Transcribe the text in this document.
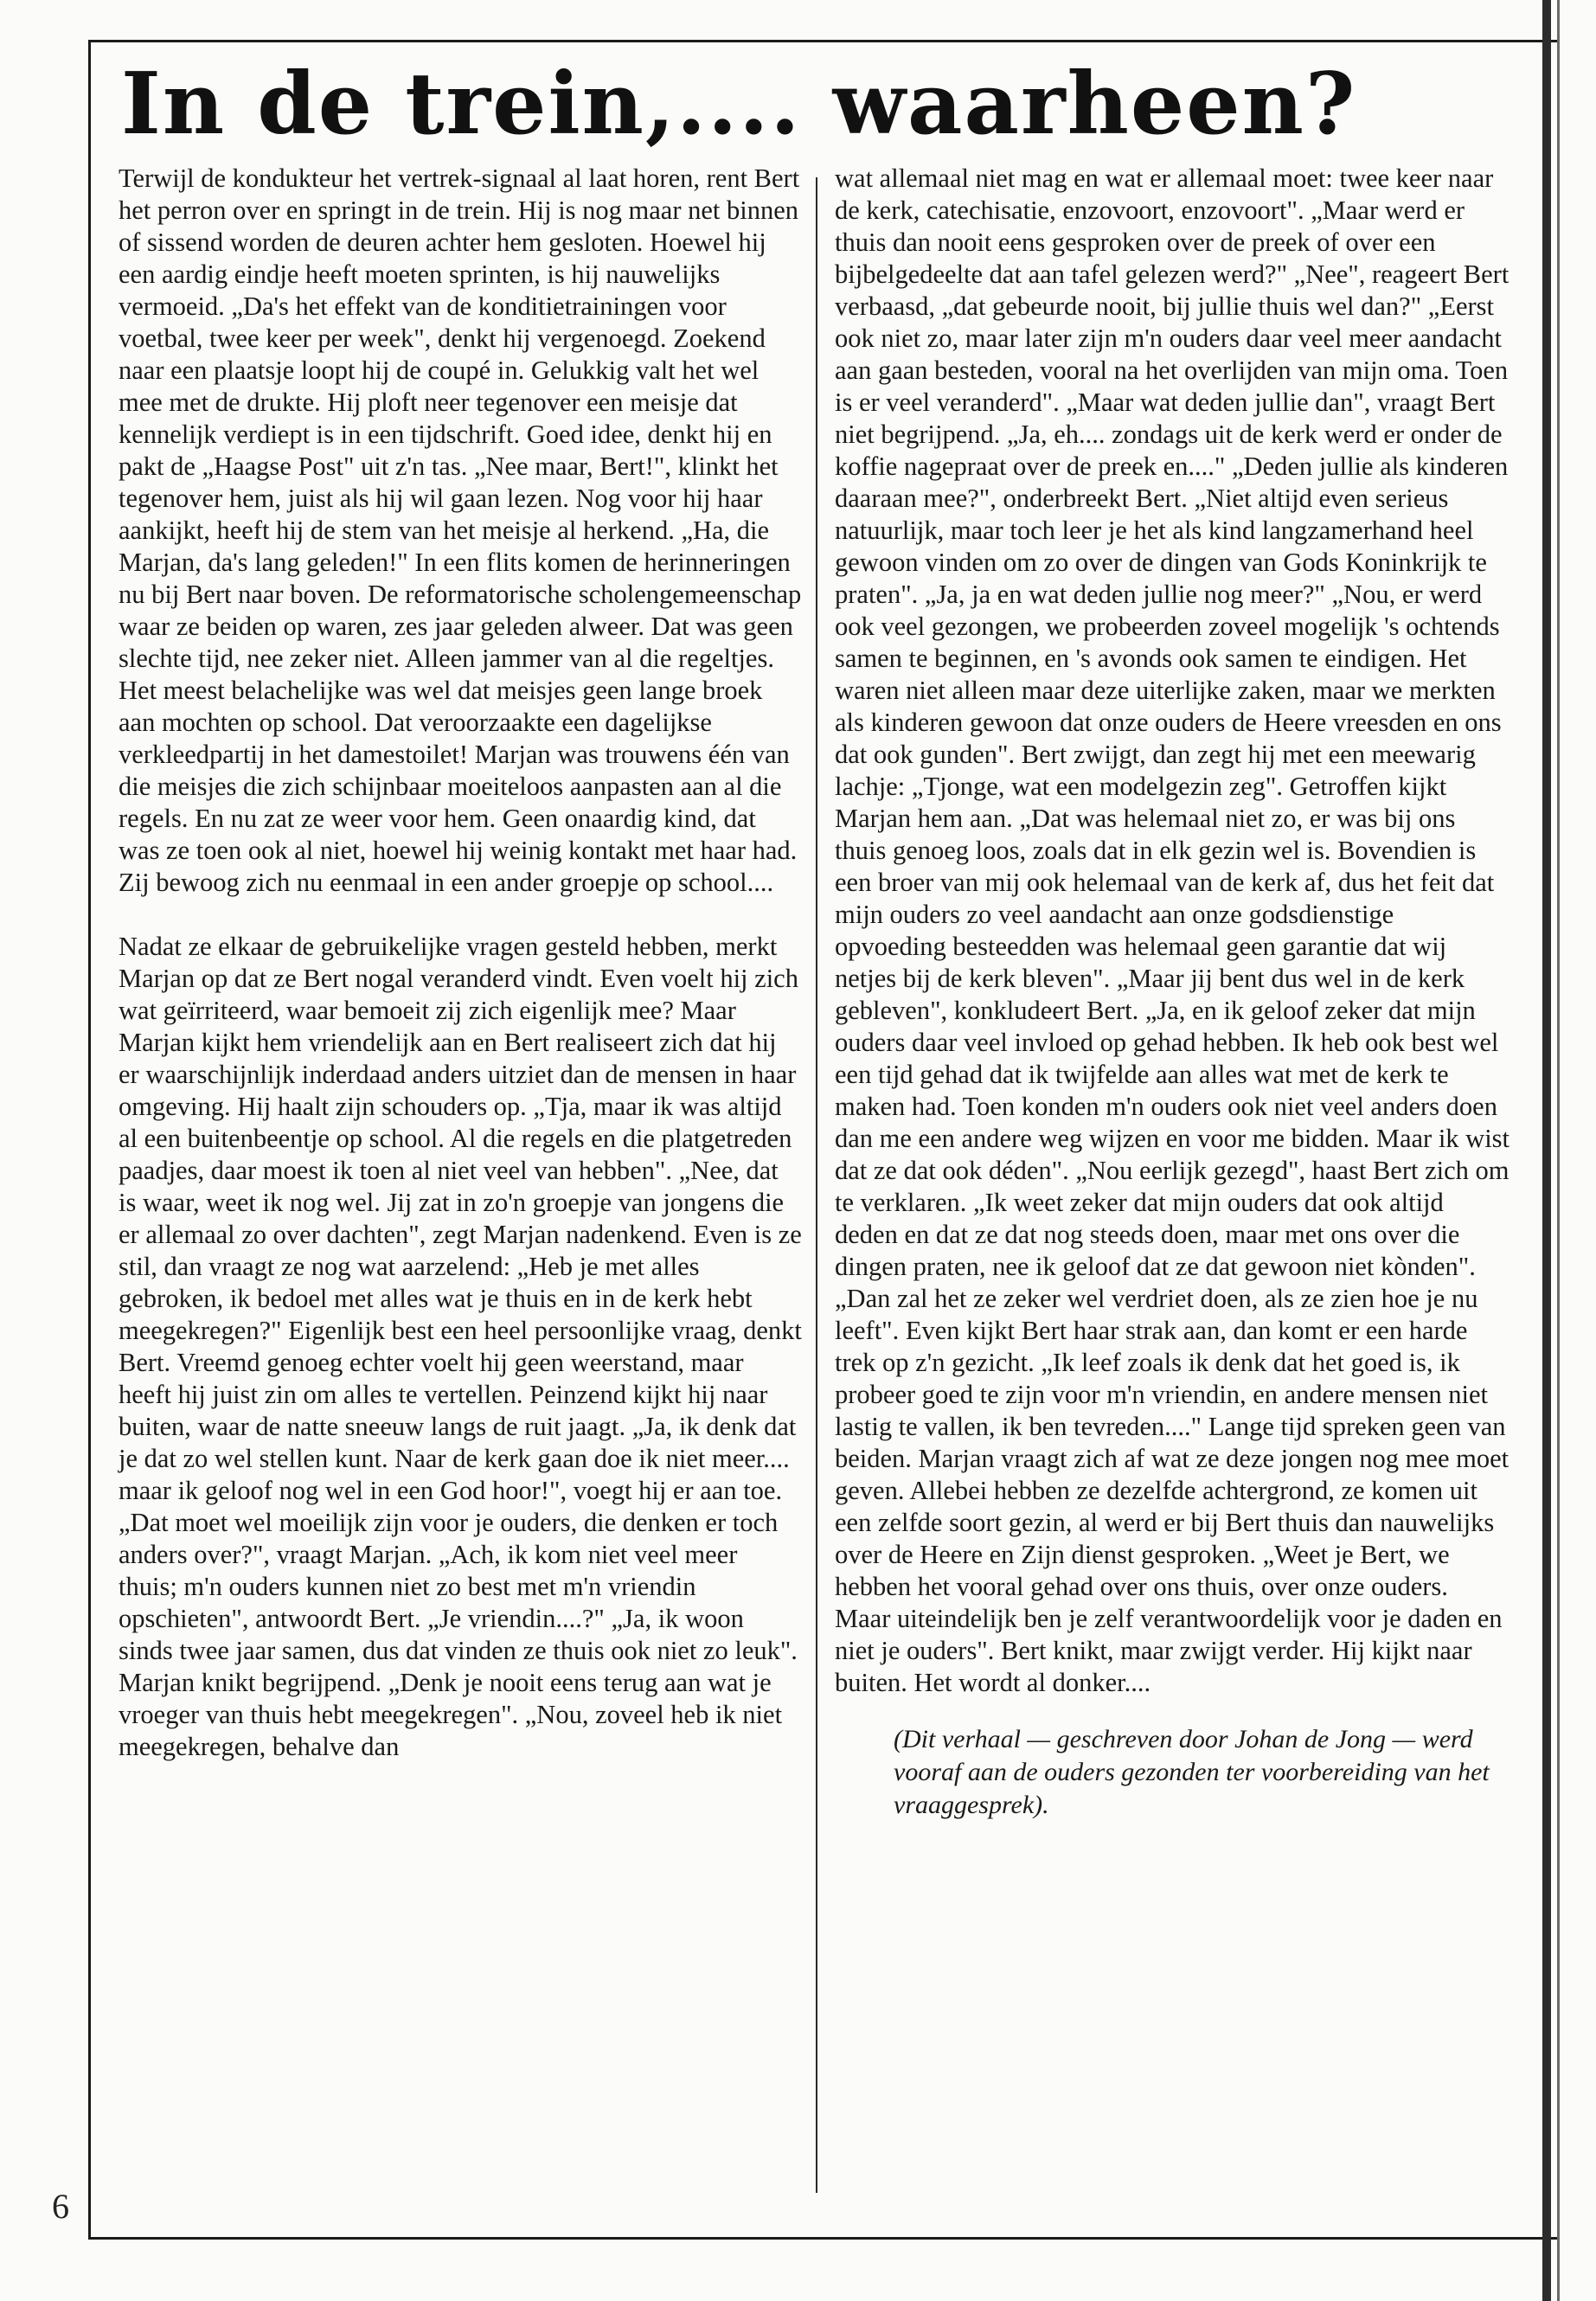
In de trein,.... waarheen?

Terwijl de kondukteur het vertrek-signaal al laat horen, rent Bert het perron over en springt in de trein. Hij is nog maar net binnen of sissend worden de deuren achter hem gesloten. Hoewel hij een aardig eindje heeft moeten sprinten, is hij nauwelijks vermoeid. „Da's het effekt van de konditietrainingen voor voetbal, twee keer per week", denkt hij vergenoegd. Zoekend naar een plaatsje loopt hij de coupé in. Gelukkig valt het wel mee met de drukte. Hij ploft neer tegenover een meisje dat kennelijk verdiept is in een tijdschrift. Goed idee, denkt hij en pakt de „Haagse Post" uit z'n tas. „Nee maar, Bert!", klinkt het tegenover hem, juist als hij wil gaan lezen. Nog voor hij haar aankijkt, heeft hij de stem van het meisje al herkend. „Ha, die Marjan, da's lang geleden!" In een flits komen de herinneringen nu bij Bert naar boven. De reformatorische scholengemeenschap waar ze beiden op waren, zes jaar geleden alweer. Dat was geen slechte tijd, nee zeker niet. Alleen jammer van al die regeltjes. Het meest belachelijke was wel dat meisjes geen lange broek aan mochten op school. Dat veroorzaakte een dagelijkse verkleedpartij in het damestoilet! Marjan was trouwens één van die meisjes die zich schijnbaar moeiteloos aanpasten aan al die regels. En nu zat ze weer voor hem. Geen onaardig kind, dat was ze toen ook al niet, hoewel hij weinig kontakt met haar had. Zij bewoog zich nu eenmaal in een ander groepje op school....

Nadat ze elkaar de gebruikelijke vragen gesteld hebben, merkt Marjan op dat ze Bert nogal veranderd vindt. Even voelt hij zich wat geïrriteerd, waar bemoeit zij zich eigenlijk mee? Maar Marjan kijkt hem vriendelijk aan en Bert realiseert zich dat hij er waarschijnlijk inderdaad anders uitziet dan de mensen in haar omgeving. Hij haalt zijn schouders op. „Tja, maar ik was altijd al een buitenbeentje op school. Al die regels en die platgetreden paadjes, daar moest ik toen al niet veel van hebben". „Nee, dat is waar, weet ik nog wel. Jij zat in zo'n groepje van jongens die er allemaal zo over dachten", zegt Marjan nadenkend. Even is ze stil, dan vraagt ze nog wat aarzelend: „Heb je met alles gebroken, ik bedoel met alles wat je thuis en in de kerk hebt meegekregen?" Eigenlijk best een heel persoonlijke vraag, denkt Bert. Vreemd genoeg echter voelt hij geen weerstand, maar heeft hij juist zin om alles te vertellen. Peinzend kijkt hij naar buiten, waar de natte sneeuw langs de ruit jaagt. „Ja, ik denk dat je dat zo wel stellen kunt. Naar de kerk gaan doe ik niet meer.... maar ik geloof nog wel in een God hoor!", voegt hij er aan toe. „Dat moet wel moeilijk zijn voor je ouders, die denken er toch anders over?", vraagt Marjan. „Ach, ik kom niet veel meer thuis; m'n ouders kunnen niet zo best met m'n vriendin opschieten", antwoordt Bert. „Je vriendin....?" „Ja, ik woon sinds twee jaar samen, dus dat vinden ze thuis ook niet zo leuk". Marjan knikt begrijpend. „Denk je nooit eens terug aan wat je vroeger van thuis hebt meegekregen". „Nou, zoveel heb ik niet meegekregen, behalve dan

wat allemaal niet mag en wat er allemaal moet: twee keer naar de kerk, catechisatie, enzovoort, enzovoort". „Maar werd er thuis dan nooit eens gesproken over de preek of over een bijbelgedeelte dat aan tafel gelezen werd?" „Nee", reageert Bert verbaasd, „dat gebeurde nooit, bij jullie thuis wel dan?" „Eerst ook niet zo, maar later zijn m'n ouders daar veel meer aandacht aan gaan besteden, vooral na het overlijden van mijn oma. Toen is er veel veranderd". „Maar wat deden jullie dan", vraagt Bert niet begrijpend. „Ja, eh.... zondags uit de kerk werd er onder de koffie nagepraat over de preek en...." „Deden jullie als kinderen daaraan mee?", onderbreekt Bert. „Niet altijd even serieus natuurlijk, maar toch leer je het als kind langzamerhand heel gewoon vinden om zo over de dingen van Gods Koninkrijk te praten". „Ja, ja en wat deden jullie nog meer?" „Nou, er werd ook veel gezongen, we probeerden zoveel mogelijk 's ochtends samen te beginnen, en 's avonds ook samen te eindigen. Het waren niet alleen maar deze uiterlijke zaken, maar we merkten als kinderen gewoon dat onze ouders de Heere vreesden en ons dat ook gunden". Bert zwijgt, dan zegt hij met een meewarig lachje: „Tjonge, wat een modelgezin zeg". Getroffen kijkt Marjan hem aan. „Dat was helemaal niet zo, er was bij ons thuis genoeg loos, zoals dat in elk gezin wel is. Bovendien is een broer van mij ook helemaal van de kerk af, dus het feit dat mijn ouders zo veel aandacht aan onze godsdienstige opvoeding besteedden was helemaal geen garantie dat wij netjes bij de kerk bleven". „Maar jij bent dus wel in de kerk gebleven", konkludeert Bert. „Ja, en ik geloof zeker dat mijn ouders daar veel invloed op gehad hebben. Ik heb ook best wel een tijd gehad dat ik twijfelde aan alles wat met de kerk te maken had. Toen konden m'n ouders ook niet veel anders doen dan me een andere weg wijzen en voor me bidden. Maar ik wist dat ze dat ook déden". „Nou eerlijk gezegd", haast Bert zich om te verklaren. „Ik weet zeker dat mijn ouders dat ook altijd deden en dat ze dat nog steeds doen, maar met ons over die dingen praten, nee ik geloof dat ze dat gewoon niet kònden". „Dan zal het ze zeker wel verdriet doen, als ze zien hoe je nu leeft". Even kijkt Bert haar strak aan, dan komt er een harde trek op z'n gezicht. „Ik leef zoals ik denk dat het goed is, ik probeer goed te zijn voor m'n vriendin, en andere mensen niet lastig te vallen, ik ben tevreden...." Lange tijd spreken geen van beiden. Marjan vraagt zich af wat ze deze jongen nog mee moet geven. Allebei hebben ze dezelfde achtergrond, ze komen uit een zelfde soort gezin, al werd er bij Bert thuis dan nauwelijks over de Heere en Zijn dienst gesproken. „Weet je Bert, we hebben het vooral gehad over ons thuis, over onze ouders. Maar uiteindelijk ben je zelf verantwoordelijk voor je daden en niet je ouders". Bert knikt, maar zwijgt verder. Hij kijkt naar buiten. Het wordt al donker....

(Dit verhaal — geschreven door Johan de Jong — werd vooraf aan de ouders gezonden ter voorbereiding van het vraaggesprek).

6
